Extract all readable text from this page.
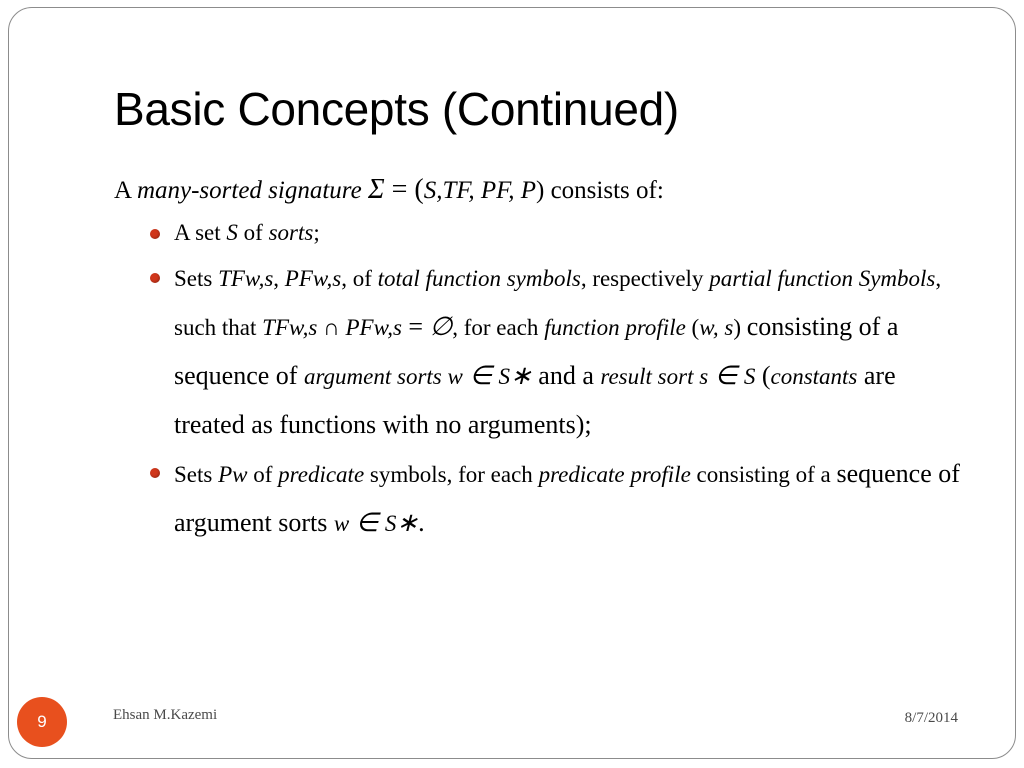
Basic Concepts (Continued)

A many-sorted signature Σ = (S,TF, PF, P) consists of:

A set S of sorts;
Sets TFw,s, PFw,s, of total function symbols, respectively partial function Symbols, such that TFw,s ∩ PFw,s = ∅, for each function profile (w, s) consisting of a sequence of argument sorts w ∈ S∗ and a result sort s ∈ S (constants are treated as functions with no arguments);
Sets Pw of predicate symbols, for each predicate profile consisting of a sequence of argument sorts w ∈ S∗.
9	Ehsan M.Kazemi	8/7/2014
